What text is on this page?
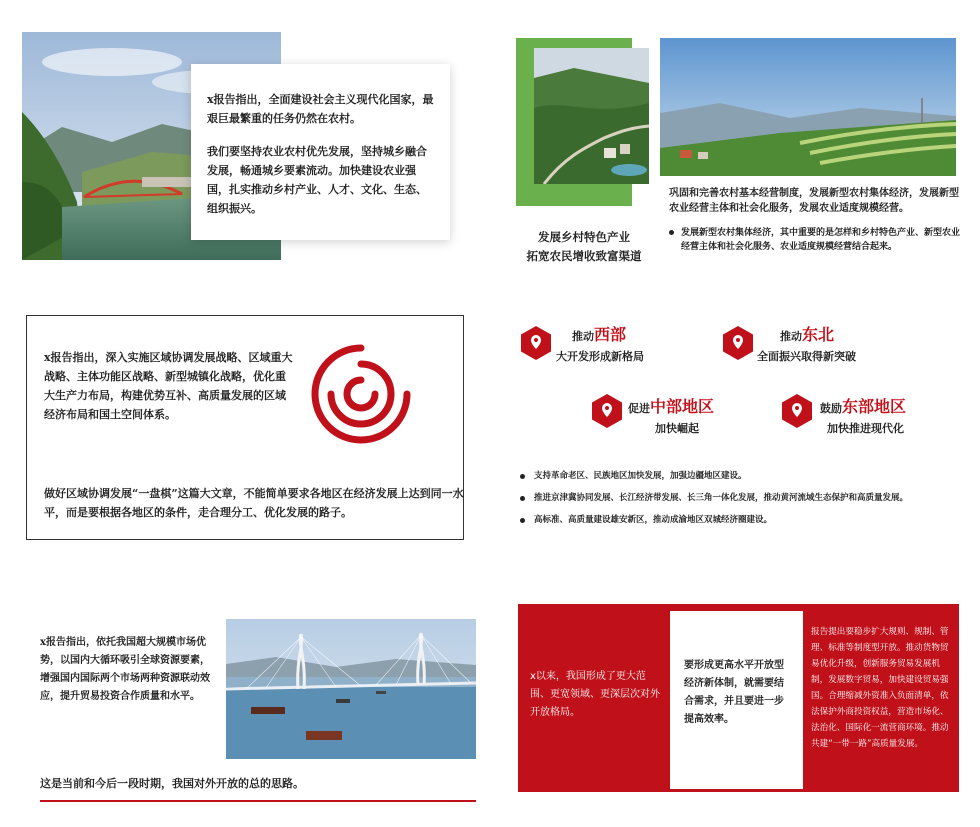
x报告指出，全面建设社会主义现代化国家，最艰巨最繁重的任务仍然在农村。

我们要坚持农业农村优先发展，坚持城乡融合发展，畅通城乡要素流动。加快建设农业强国，扎实推动乡村产业、人才、文化、生态、组织振兴。

发展乡村特色产业
拓宽农民增收致富渠道
巩固和完善农村基本经营制度，发展新型农村集体经济，发展新型农业经营主体和社会化服务，发展农业适度规模经营。
发展新型农村集体经济，其中重要的是怎样和乡村特色产业、新型农业经营主体和社会化服务、农业适度规模经营结合起来。
x报告指出，深入实施区域协调发展战略、区域重大战略、主体功能区战略、新型城镇化战略，优化重大生产力布局，构建优势互补、高质量发展的区域经济布局和国土空间体系。
做好区域协调发展“一盘棋”这篇大文章，不能简单要求各地区在经济发展上达到同一水平，而是要根据各地区的条件，走合理分工、优化发展的路子。
推动西部
大开发形成新格局
推动东北
全面振兴取得新突破
促进中部地区
加快崛起
鼓励东部地区
加快推进现代化
支持革命老区、民族地区加快发展，加强边疆地区建设。
推进京津冀协同发展、长江经济带发展、长三角一体化发展，推动黄河流域生态保护和高质量发展。
高标准、高质量建设雄安新区，推动成渝地区双城经济圈建设。
x报告指出，依托我国超大规模市场优势，以国内大循环吸引全球资源要素，增强国内国际两个市场两种资源联动效应，提升贸易投资合作质量和水平。
这是当前和今后一段时期，我国对外开放的总的思路。
x以来，我国形成了更大范围、更宽领域、更深层次对外开放格局。
要形成更高水平开放型经济新体制，就需要结合需求，并且要进一步提高效率。
报告提出要稳步扩大规则、规制、管理、标准等制度型开放。推动货物贸易优化升级，创新服务贸易发展机制，发展数字贸易，加快建设贸易强国。合理缩减外资准入负面清单，依法保护外商投资权益，营造市场化、法治化、国际化一流营商环境。推动共建“一带一路”高质量发展。
